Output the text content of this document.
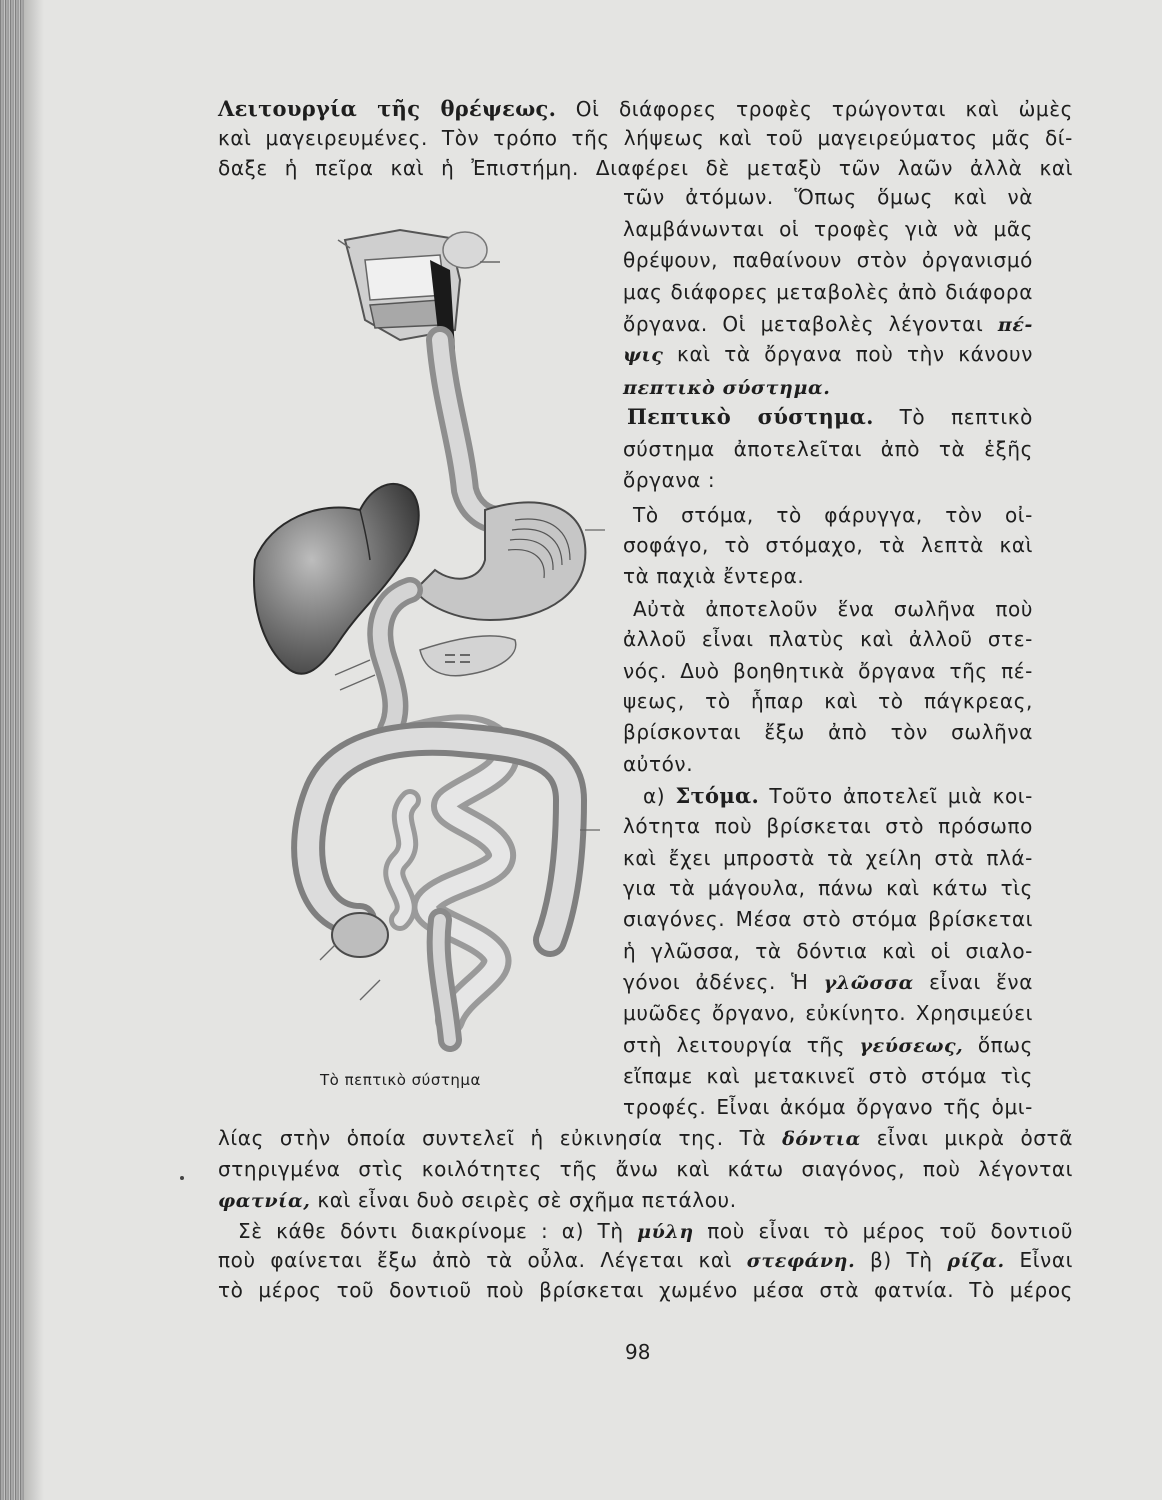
Λειτουργία τῆς θρέψεως. Οἱ διάφορες τροφὲς τρώγονται καὶ ὠμὲς
καὶ μαγειρευμένες. Τὸν τρόπο τῆς λήψεως καὶ τοῦ μαγειρεύματος μᾶς δί-
δαξε ἡ πεῖρα καὶ ἡ Ἐπιστήμη. Διαφέρει δὲ μεταξὺ τῶν λαῶν ἀλλὰ καὶ
τῶν ἀτόμων. Ὅπως ὅμως καὶ νὰ
λαμβάνωνται οἱ τροφὲς γιὰ νὰ μᾶς
θρέψουν, παθαίνουν στὸν ὀργανισμό
μας διάφορες μεταβολὲς ἀπὸ διάφορα
ὄργανα. Οἱ μεταβολὲς λέγονται πέ-
ψις καὶ τὰ ὄργανα ποὺ τὴν κάνουν
πεπτικὸ σύστημα.
Πεπτικὸ σύστημα. Τὸ πεπτικὸ
σύστημα ἀποτελεῖται ἀπὸ τὰ ἑξῆς
ὄργανα :
Τὸ στόμα, τὸ φάρυγγα, τὸν οἰ-
σοφάγο, τὸ στόμαχο, τὰ λεπτὰ καὶ
τὰ παχιὰ ἔντερα.
Αὐτὰ ἀποτελοῦν ἕνα σωλῆνα ποὺ
ἀλλοῦ εἶναι πλατὺς καὶ ἀλλοῦ στε-
νός. Δυὸ βοηθητικὰ ὄργανα τῆς πέ-
ψεως, τὸ ἧπαρ καὶ τὸ πάγκρεας,
βρίσκονται ἔξω ἀπὸ τὸν σωλῆνα
αὐτόν.
α) Στόμα. Τοῦτο ἀποτελεῖ μιὰ κοι-
λότητα ποὺ βρίσκεται στὸ πρόσωπο
καὶ ἔχει μπροστὰ τὰ χείλη στὰ πλά-
για τὰ μάγουλα, πάνω καὶ κάτω τὶς
σιαγόνες. Μέσα στὸ στόμα βρίσκεται
ἡ γλῶσσα, τὰ δόντια καὶ οἱ σιαλο-
γόνοι ἀδένες. Ἡ γλῶσσα εἶναι ἕνα
μυῶδες ὄργανο, εὐκίνητο. Χρησιμεύει
στὴ λειτουργία τῆς γεύσεως, ὅπως
εἴπαμε καὶ μετακινεῖ στὸ στόμα τὶς
τροφές. Εἶναι ἀκόμα ὄργανο τῆς ὁμι-
λίας στὴν ὁποία συντελεῖ ἡ εὐκινησία της. Τὰ δόντια εἶναι μικρὰ ὀστᾶ
στηριγμένα στὶς κοιλότητες τῆς ἄνω καὶ κάτω σιαγόνος, ποὺ λέγονται
φατνία, καὶ εἶναι δυὸ σειρὲς σὲ σχῆμα πετάλου.
Σὲ κάθε δόντι διακρίνομε : α) Τὴ μύλη ποὺ εἶναι τὸ μέρος τοῦ δοντιοῦ
ποὺ φαίνεται ἔξω ἀπὸ τὰ οὖλα. Λέγεται καὶ στεφάνη. β) Τὴ ρίζα. Εἶναι
τὸ μέρος τοῦ δοντιοῦ ποὺ βρίσκεται χωμένο μέσα στὰ φατνία. Τὸ μέρος
Τὸ πεπτικὸ σύστημα
98
